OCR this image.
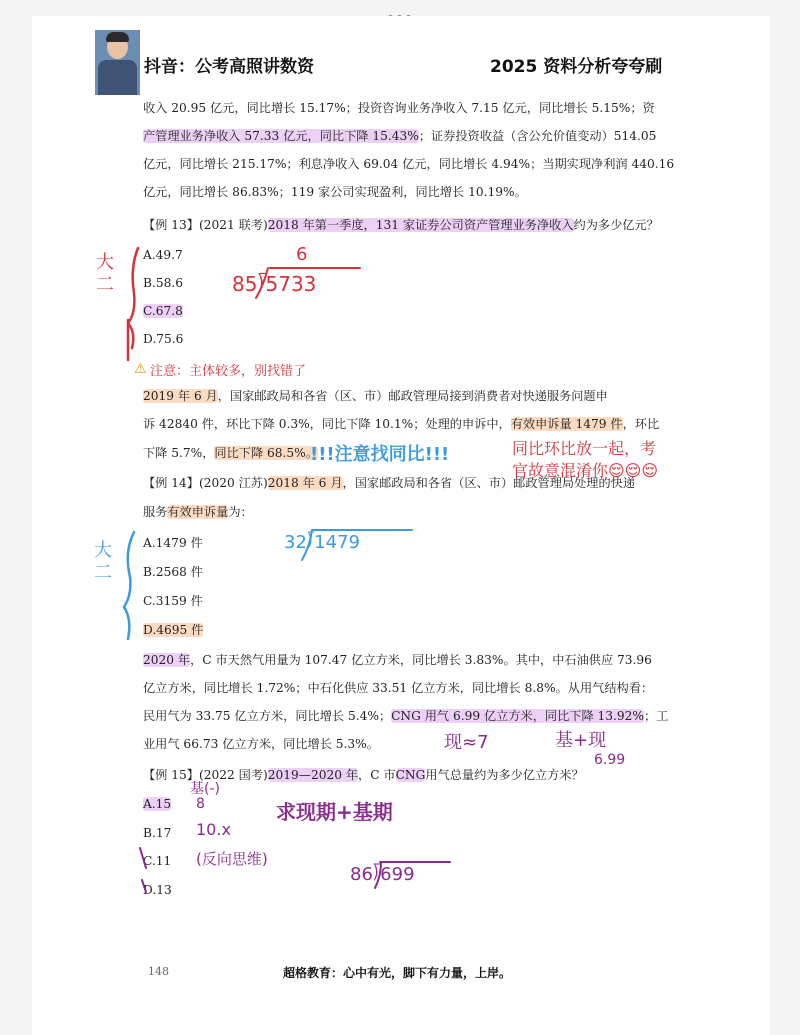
抖音：公考高照讲数资	2025 资料分析夸夸刷
收入 20.95 亿元，同比增长 15.17%；投资咨询业务净收入 7.15 亿元，同比增长 5.15%；资
产管理业务净收入 57.33 亿元，同比下降 15.43%；证券投资收益（含公允价值变动）514.05
亿元，同比增长 215.17%；利息净收入 69.04 亿元，同比增长 4.94%；当期实现净利润 440.16
亿元，同比增长 86.83%；119 家公司实现盈利，同比增长 10.19%。
【例 13】(2021 联考)2018 年第一季度，131 家证券公司资产管理业务净收入约为多少亿元？
A.49.7
B.58.6
C.67.8
D.75.6
⚠ 注意：主体较多，别找错了
2019 年 6 月，国家邮政局和各省（区、市）邮政管理局接到消费者对快递服务问题申
诉 42840 件，环比下降 0.3%，同比下降 10.1%；处理的申诉中，有效申诉量 1479 件，环比
下降 5.7%，同比下降 68.5%。
【例 14】(2020 江苏)2018 年 6 月，国家邮政局和各省（区、市）邮政管理局处理的快递
服务有效申诉量为：
A.1479 件
B.2568 件
C.3159 件
D.4695 件
2020 年，C 市天然气用量为 107.47 亿立方米，同比增长 3.83%。其中，中石油供应 73.96
亿立方米，同比增长 1.72%；中石化供应 33.51 亿立方米，同比增长 8.8%。从用气结构看：
民用气为 33.75 亿立方米，同比增长 5.4%；CNG 用气 6.99 亿立方米，同比下降 13.92%；工
业用气 66.73 亿立方米，同比增长 5.3%。
【例 15】(2022 国考)2019—2020 年，C 市CNG用气总量约为多少亿立方米？
A.15
B.17
C.11
D.13
大二
6
85⟌5733
!!!注意找同比!!!	同比环比放一起，考
官故意混淆你😌😌😌
大二
32⟌1479
现≈7	基+现
6.99
基(-)
8
10.x
(反向思维)
求现期+基期
86⟌699
148	超格教育：心中有光，脚下有力量，上岸。
